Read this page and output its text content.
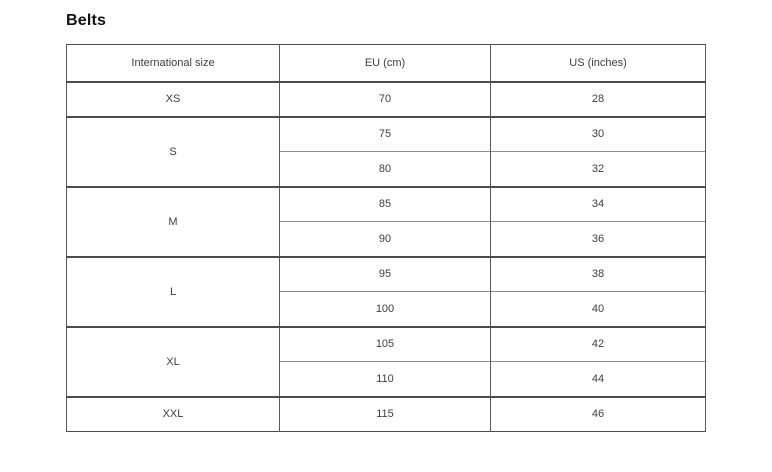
Belts
International size	EU (cm)	US (inches)
XS	70	28
S	75	30
	80	32
M	85	34
	90	36
L	95	38
	100	40
XL	105	42
	110	44
XXL	115	46
